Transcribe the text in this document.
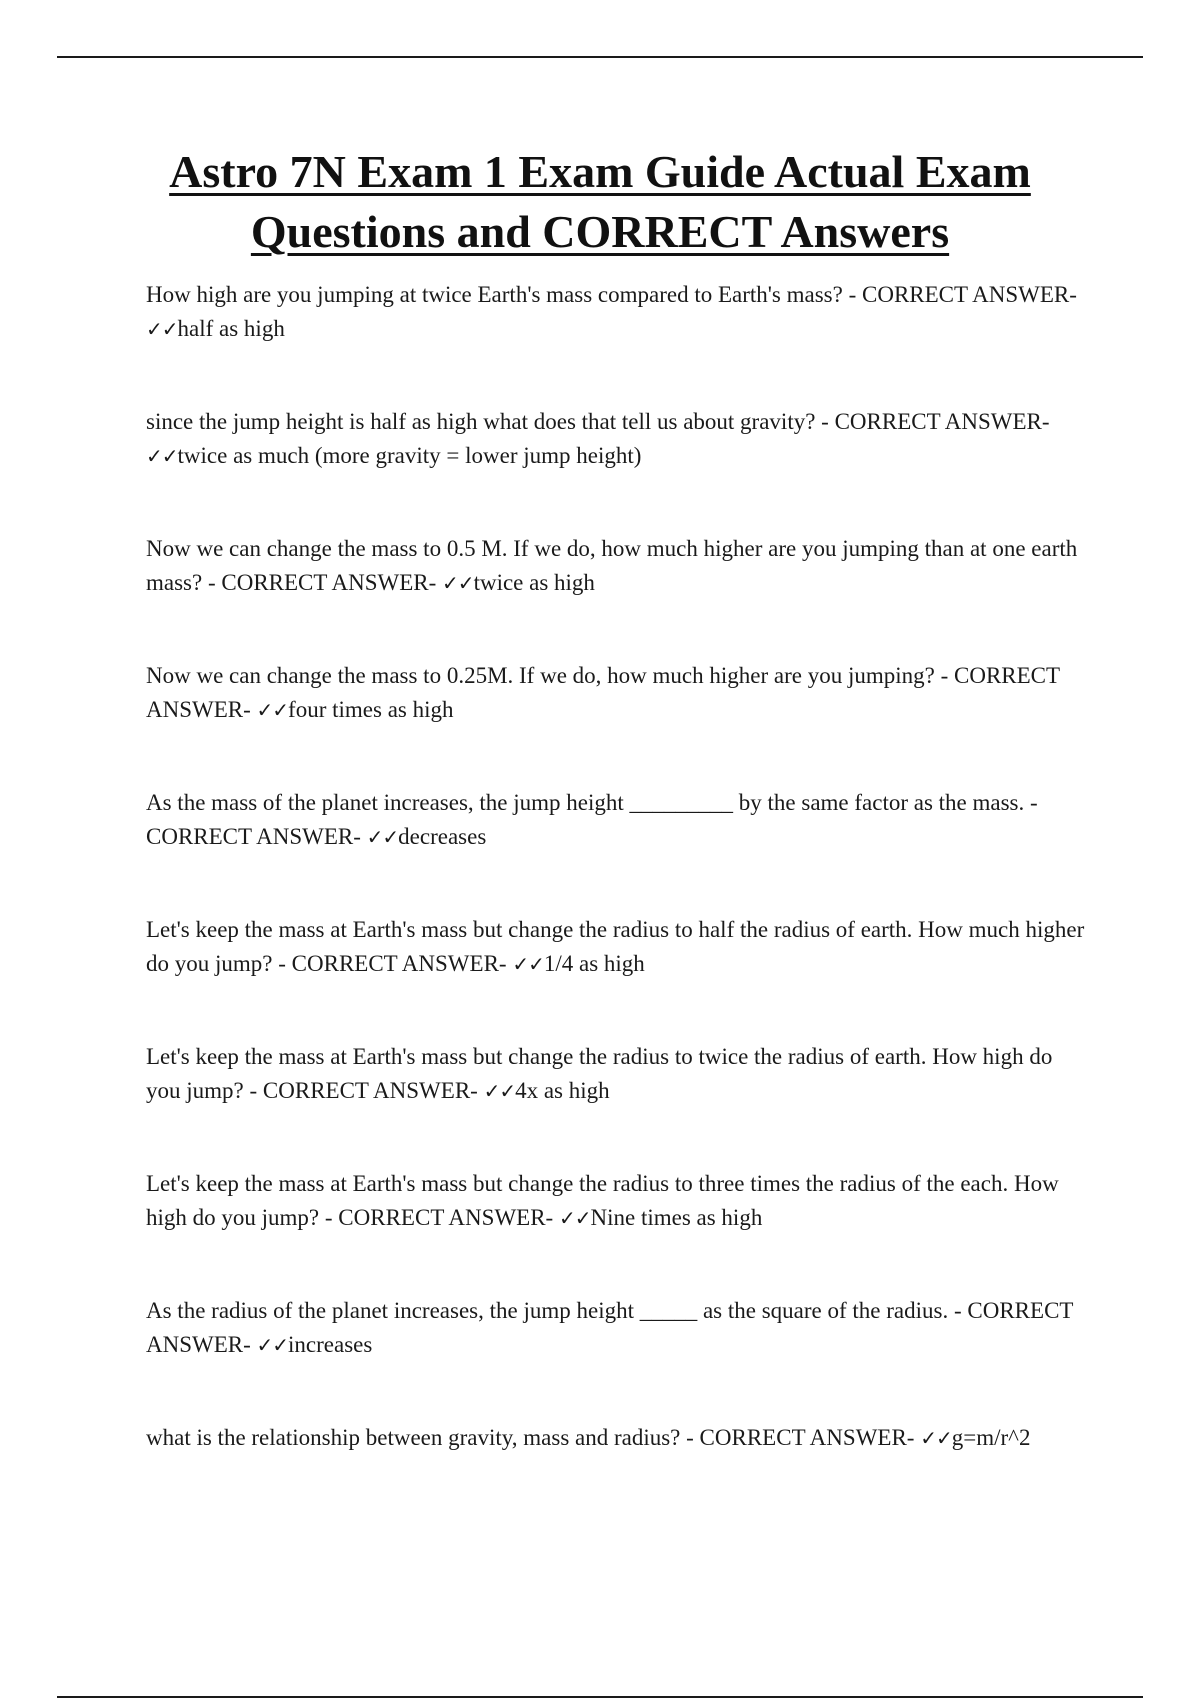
Astro 7N Exam 1 Exam Guide Actual Exam Questions and CORRECT Answers
How high are you jumping at twice Earth's mass compared to Earth's mass? - CORRECT ANSWER- ✓✓half as high
since the jump height is half as high what does that tell us about gravity? - CORRECT ANSWER- ✓✓twice as much (more gravity = lower jump height)
Now we can change the mass to 0.5 M. If we do, how much higher are you jumping than at one earth mass? - CORRECT ANSWER- ✓✓twice as high
Now we can change the mass to 0.25M. If we do, how much higher are you jumping? - CORRECT ANSWER- ✓✓four times as high
As the mass of the planet increases, the jump height _________ by the same factor as the mass. - CORRECT ANSWER- ✓✓decreases
Let's keep the mass at Earth's mass but change the radius to half the radius of earth. How much higher do you jump? - CORRECT ANSWER- ✓✓1/4 as high
Let's keep the mass at Earth's mass but change the radius to twice the radius of earth. How high do you jump? - CORRECT ANSWER- ✓✓4x as high
Let's keep the mass at Earth's mass but change the radius to three times the radius of the each. How high do you jump? - CORRECT ANSWER- ✓✓Nine times as high
As the radius of the planet increases, the jump height _____ as the square of the radius. - CORRECT ANSWER- ✓✓increases
what is the relationship between gravity, mass and radius? - CORRECT ANSWER- ✓✓g=m/r^2
